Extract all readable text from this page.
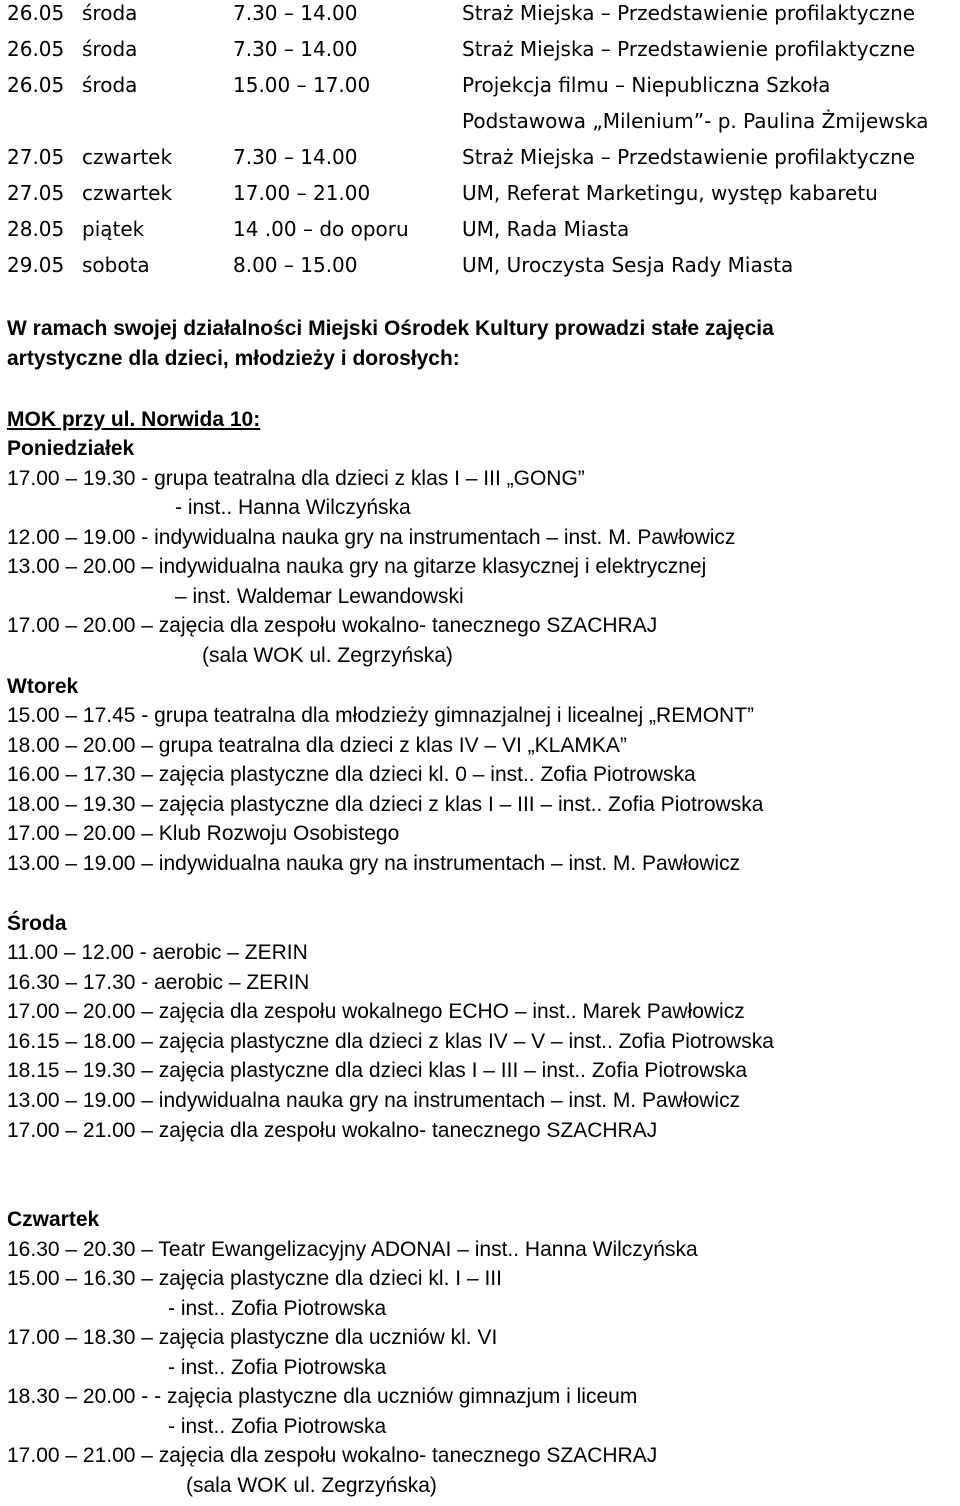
26.05 środa	7.30 – 14.00	Straż Miejska – Przedstawienie profilaktyczne
26.05 środa	7.30 – 14.00	Straż Miejska – Przedstawienie profilaktyczne
26.05 środa	15.00 – 17.00	Projekcja filmu – Niepubliczna Szkoła
Podstawowa „Milenium”- p. Paulina Żmijewska
27.05 czwartek	7.30 – 14.00	Straż Miejska – Przedstawienie profilaktyczne
27.05 czwartek	17.00 – 21.00	UM, Referat Marketingu, występ kabaretu
28.05 piątek	14 .00 – do oporu	UM, Rada Miasta
29.05 sobota	8.00 – 15.00	UM, Uroczysta Sesja Rady Miasta
W ramach swojej działalności Miejski Ośrodek Kultury prowadzi stałe zajęcia
artystyczne dla dzieci, młodzieży i dorosłych:
MOK przy ul. Norwida 10:
Poniedziałek
17.00 – 19.30 - grupa teatralna dla dzieci z klas I – III „GONG”
- inst.. Hanna Wilczyńska
12.00 – 19.00 - indywidualna nauka gry na instrumentach – inst. M. Pawłowicz
13.00 – 20.00 – indywidualna nauka gry na gitarze klasycznej i elektrycznej
– inst. Waldemar Lewandowski
17.00 – 20.00 – zajęcia dla zespołu wokalno- tanecznego SZACHRAJ
(sala WOK ul. Zegrzyńska)
Wtorek
15.00 – 17.45 - grupa teatralna dla młodzieży gimnazjalnej i licealnej „REMONT”
18.00 – 20.00 – grupa teatralna dla dzieci z klas IV – VI „KLAMKA”
16.00 – 17.30 – zajęcia plastyczne dla dzieci kl. 0 – inst.. Zofia Piotrowska
18.00 – 19.30 – zajęcia plastyczne dla dzieci z klas I – III – inst.. Zofia Piotrowska
17.00 – 20.00 – Klub Rozwoju Osobistego
13.00 – 19.00 – indywidualna nauka gry na instrumentach – inst. M. Pawłowicz
Środa
11.00 – 12.00 - aerobic – ZERIN
16.30 – 17.30 - aerobic – ZERIN
17.00 – 20.00 – zajęcia dla zespołu wokalnego ECHO – inst.. Marek Pawłowicz
16.15 – 18.00 – zajęcia plastyczne dla dzieci z klas IV – V – inst.. Zofia Piotrowska
18.15 – 19.30 – zajęcia plastyczne dla dzieci klas I – III – inst.. Zofia Piotrowska
13.00 – 19.00 – indywidualna nauka gry na instrumentach – inst. M. Pawłowicz
17.00 – 21.00 – zajęcia dla zespołu wokalno- tanecznego SZACHRAJ
Czwartek
16.30 – 20.30 – Teatr Ewangelizacyjny ADONAI – inst.. Hanna Wilczyńska
15.00 – 16.30 – zajęcia plastyczne dla dzieci kl. I – III
- inst.. Zofia Piotrowska
17.00 – 18.30 – zajęcia plastyczne dla uczniów kl. VI
- inst.. Zofia Piotrowska
18.30 – 20.00 - - zajęcia plastyczne dla uczniów gimnazjum i liceum
- inst.. Zofia Piotrowska
17.00 – 21.00 – zajęcia dla zespołu wokalno- tanecznego SZACHRAJ
(sala WOK ul. Zegrzyńska)
